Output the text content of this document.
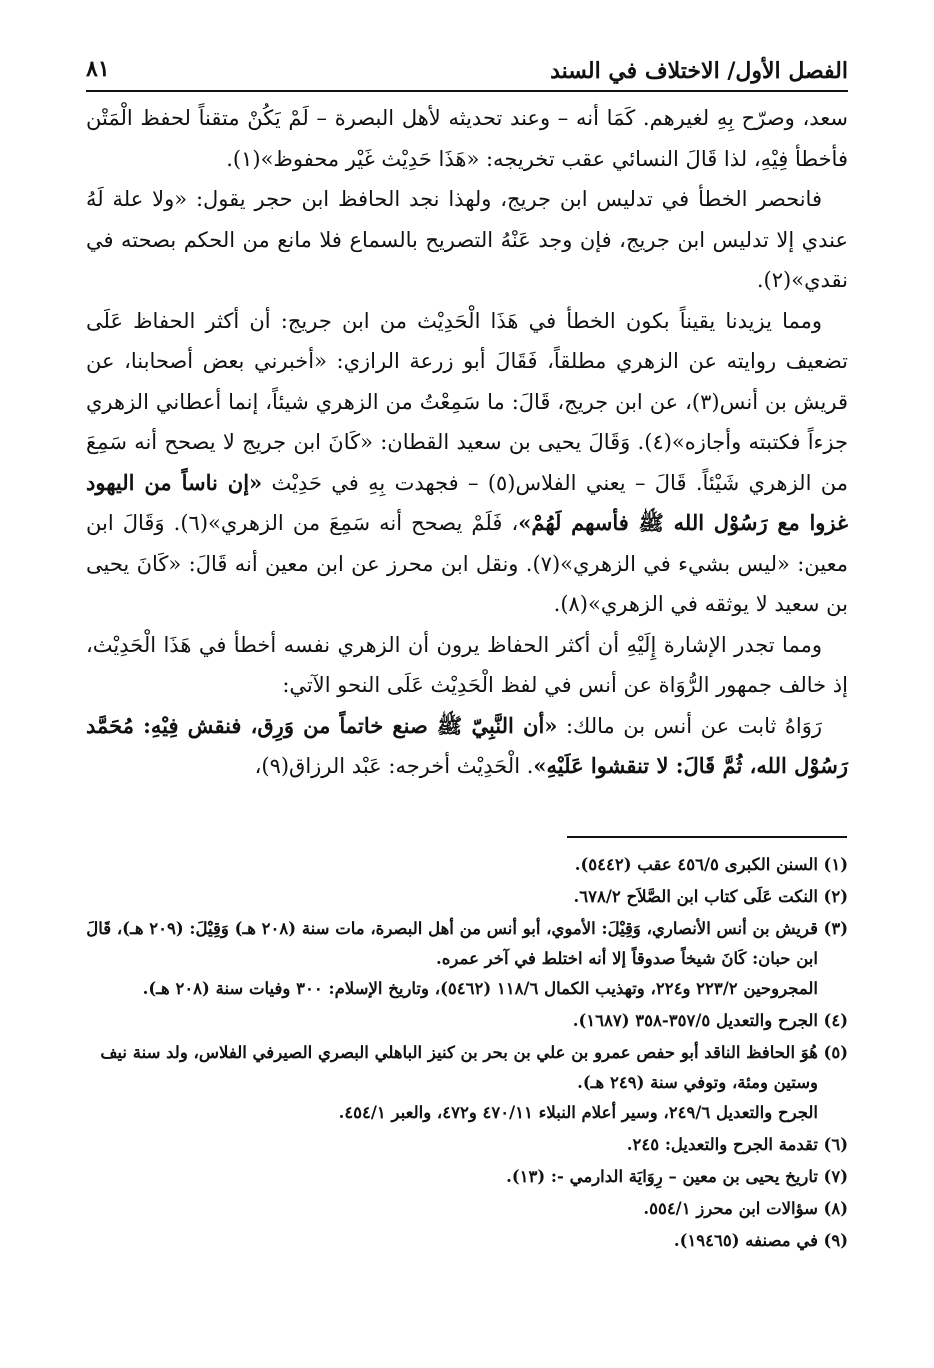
الفصل الأول/ الاختلاف في السند
٨١

سعد، وصرّح بِهِ لغيرهم. كَمَا أنه – وعند تحديثه لأهل البصرة – لَمْ يَكُنْ متقناً لحفظ الْمَتْن فأخطأ فِيْهِ، لذا قَالَ النسائي عقب تخريجه: «هَذَا حَدِيْث غَيْر محفوظ»(١).

فانحصر الخطأ في تدليس ابن جريج، ولهذا نجد الحافظ ابن حجر يقول: «ولا علة لَهُ عندي إلا تدليس ابن جريج، فإن وجد عَنْهُ التصريح بالسماع فلا مانع من الحكم بصحته في نقدي»(٢).

ومما يزيدنا يقيناً بكون الخطأ في هَذَا الْحَدِيْث من ابن جريج: أن أكثر الحفاظ عَلَى تضعيف روايته عن الزهري مطلقاً، فَقَالَ أبو زرعة الرازي: «أخبرني بعض أصحابنا، عن قريش بن أنس(٣)، عن ابن جريج، قَالَ: ما سَمِعْتُ من الزهري شيئاً، إنما أعطاني الزهري جزءاً فكتبته وأجازه»(٤). وَقَالَ يحيى بن سعيد القطان: «كَانَ ابن جريج لا يصحح أنه سَمِعَ من الزهري شَيْئاً. قَالَ – يعني الفلاس(٥) – فجهدت بِهِ في حَدِيْث «إن ناساً من اليهود غزوا مع رَسُوْل الله ﷺ فأسهم لَهُمْ»، فَلَمْ يصحح أنه سَمِعَ من الزهري»(٦). وَقَالَ ابن معين: «ليس بشيء في الزهري»(٧). ونقل ابن محرز عن ابن معين أنه قَالَ: «كَانَ يحيى بن سعيد لا يوثقه في الزهري»(٨).

ومما تجدر الإشارة إِلَيْهِ أن أكثر الحفاظ يرون أن الزهري نفسه أخطأ في هَذَا الْحَدِيْث، إذ خالف جمهور الرُّوَاة عن أنس في لفظ الْحَدِيْث عَلَى النحو الآتي:

رَوَاهُ ثابت عن أنس بن مالك: «أن النَّبِيّ ﷺ صنع خاتماً من وَرِق، فنقش فِيْهِ: مُحَمَّد رَسُوْل الله، ثُمَّ قَالَ: لا تنقشوا عَلَيْهِ». الْحَدِيْث أخرجه: عَبْد الرزاق(٩)،

(١)السنن الكبرى ٤٥٦/٥ عقب (٥٤٤٢).
(٢)النكت عَلَى كتاب ابن الصَّلاَح ٦٧٨/٢.
(٣)قريش بن أنس الأنصاري، وَقِيْلَ: الأموي، أبو أنس من أهل البصرة، مات سنة (٢٠٨ هـ) وَقِيْلَ: (٢٠٩ هـ)، قَالَ ابن حبان: كَانَ شيخاً صدوقاً إلا أنه اختلط في آخر عمره.
المجروحين ٢٢٣/٢ و٢٢٤، وتهذيب الكمال ١١٨/٦ (٥٤٦٢)، وتاريخ الإسلام: ٣٠٠ وفيات سنة (٢٠٨ هـ).
(٤)الجرح والتعديل ٣٥٧/٥-٣٥٨ (١٦٨٧).
(٥)هُوَ الحافظ الناقد أبو حفص عمرو بن علي بن بحر بن كنيز الباهلي البصري الصيرفي الفلاس، ولد سنة نيف وستين ومئة، وتوفي سنة (٢٤٩ هـ).
الجرح والتعديل ٢٤٩/٦، وسير أعلام النبلاء ٤٧٠/١١ و٤٧٢، والعبر ٤٥٤/١.
(٦)تقدمة الجرح والتعديل: ٢٤٥.
(٧)تاريخ يحيى بن معين – رِوَايَة الدارمي -: (١٣).
(٨)سؤالات ابن محرز ٥٥٤/١.
(٩)في مصنفه (١٩٤٦٥).
